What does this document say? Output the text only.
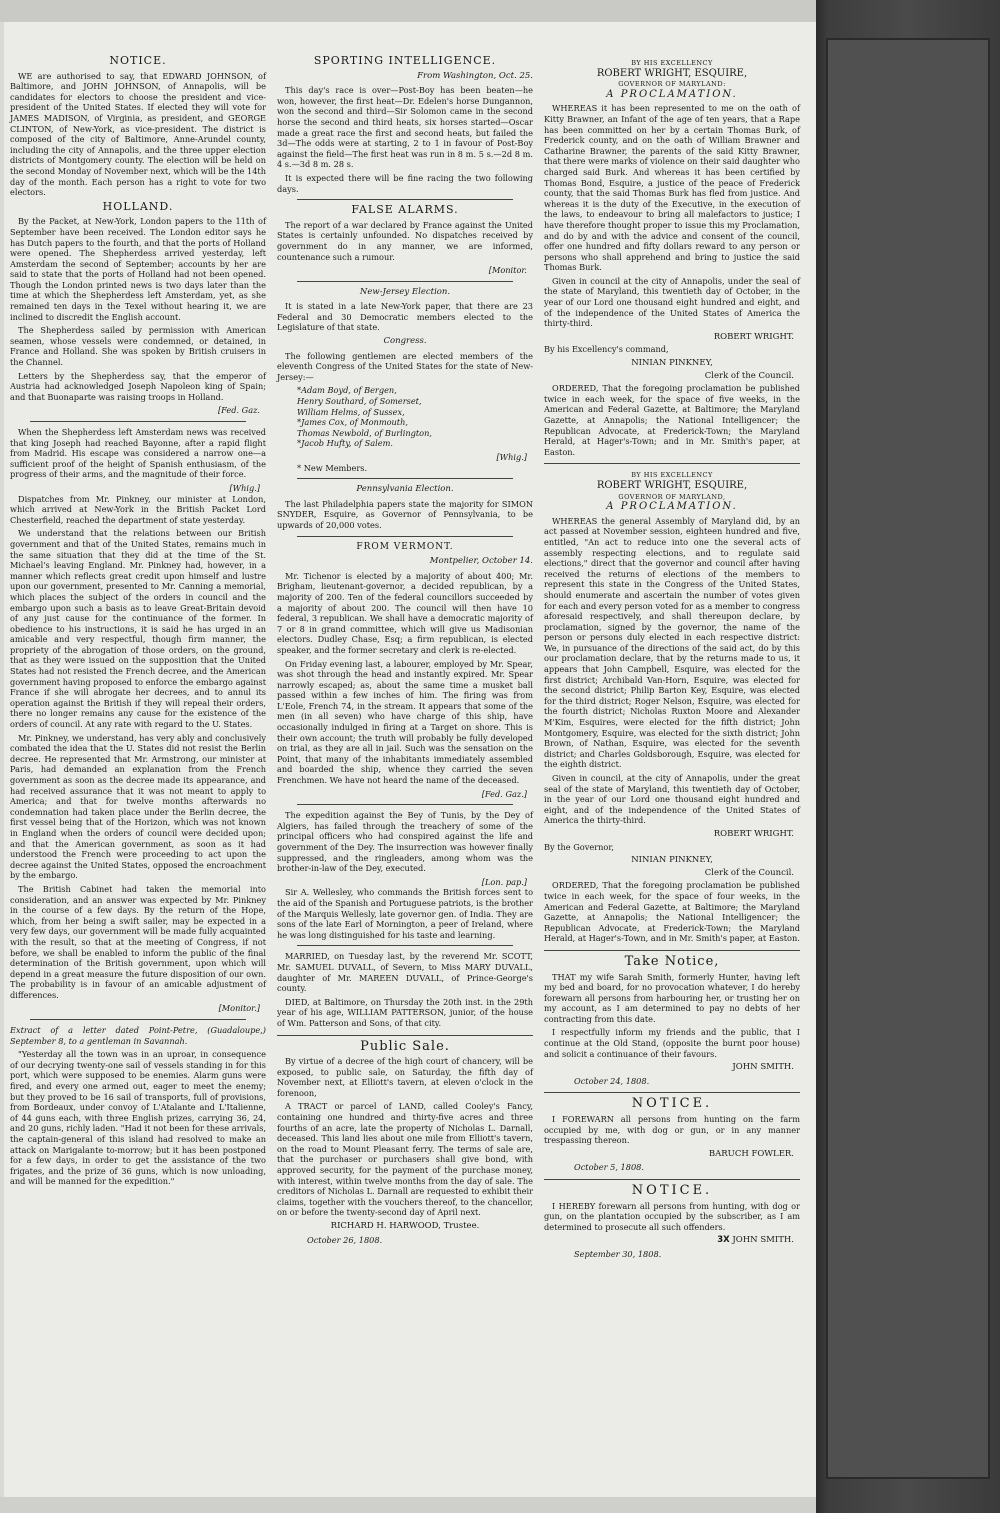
NOTICE.

WE are authorised to say, that EDWARD JOHNSON, of Baltimore, and JOHN JOHNSON, of Annapolis, will be candidates for electors to choose the president and vice-president of the United States. If elected they will vote for JAMES MADISON, of Virginia, as president, and GEORGE CLINTON, of New-York, as vice-president. The district is composed of the city of Baltimore, Anne-Arundel county, including the city of Annapolis, and the three upper election districts of Montgomery county. The election will be held on the second Monday of November next, which will be the 14th day of the month. Each person has a right to vote for two electors.

HOLLAND.

By the Packet, at New-York, London papers to the 11th of September have been received. The London editor says he has Dutch papers to the fourth, and that the ports of Holland were opened. The Shepherdess arrived yesterday, left Amsterdam the second of September; accounts by her are said to state that the ports of Holland had not been opened. Though the London printed news is two days later than the time at which the Shepherdess left Amsterdam, yet, as she remained ten days in the Texel without hearing it, we are inclined to discredit the English account.

The Shepherdess sailed by permission with American seamen, whose vessels were condemned, or detained, in France and Holland. She was spoken by British cruisers in the Channel.

Letters by the Shepherdess say, that the emperor of Austria had acknowledged Joseph Napoleon king of Spain; and that Buonaparte was raising troops in Holland.

[Fed. Gaz.

When the Shepherdess left Amsterdam news was received that king Joseph had reached Bayonne, after a rapid flight from Madrid. His escape was considered a narrow one—a sufficient proof of the height of Spanish enthusiasm, of the progress of their arms, and the magnitude of their force.

[Whig.]

Dispatches from Mr. Pinkney, our minister at London, which arrived at New-York in the British Packet Lord Chesterfield, reached the department of state yesterday.

We understand that the relations between our British government and that of the United States, remains much in the same situation that they did at the time of the St. Michael's leaving England. Mr. Pinkney had, however, in a manner which reflects great credit upon himself and lustre upon our government, presented to Mr. Canning a memorial, which places the subject of the orders in council and the embargo upon such a basis as to leave Great-Britain devoid of any just cause for the continuance of the former. In obedience to his instructions, it is said he has urged in an amicable and very respectful, though firm manner, the propriety of the abrogation of those orders, on the ground, that as they were issued on the supposition that the United States had not resisted the French decree, and the American government having proposed to enforce the embargo against France if she will abrogate her decrees, and to annul its operation against the British if they will repeal their orders, there no longer remains any cause for the existence of the orders of council. At any rate with regard to the U. States.

Mr. Pinkney, we understand, has very ably and conclusively combated the idea that the U. States did not resist the Berlin decree. He represented that Mr. Armstrong, our minister at Paris, had demanded an explanation from the French government as soon as the decree made its appearance, and had received assurance that it was not meant to apply to America; and that for twelve months afterwards no condemnation had taken place under the Berlin decree, the first vessel being that of the Horizon, which was not known in England when the orders of council were decided upon; and that the American government, as soon as it had understood the French were proceeding to act upon the decree against the United States, opposed the encroachment by the embargo.

The British Cabinet had taken the memorial into consideration, and an answer was expected by Mr. Pinkney in the course of a few days. By the return of the Hope, which, from her being a swift sailer, may be expected in a very few days, our government will be made fully acquainted with the result, so that at the meeting of Congress, if not before, we shall be enabled to inform the public of the final determination of the British government, upon which will depend in a great measure the future disposition of our own. The probability is in favour of an amicable adjustment of differences.

[Monitor.]

Extract of a letter dated Point-Petre, (Guadaloupe,) September 8, to a gentleman in Savannah.

"Yesterday all the town was in an uproar, in consequence of our decrying twenty-one sail of vessels standing in for this port, which were supposed to be enemies. Alarm guns were fired, and every one armed out, eager to meet the enemy; but they proved to be 16 sail of transports, full of provisions, from Bordeaux, under convoy of L'Atalante and L'Italienne, of 44 guns each, with three English prizes, carrying 36, 24, and 20 guns, richly laden. "Had it not been for these arrivals, the captain-general of this island had resolved to make an attack on Marigalante to-morrow; but it has been postponed for a few days, in order to get the assistance of the two frigates, and the prize of 36 guns, which is now unloading, and will be manned for the expedition."

SPORTING INTELLIGENCE.
From Washington, Oct. 25.

This day's race is over—Post-Boy has been beaten—he won, however, the first heat—Dr. Edelen's horse Dungannon, won the second and third—Sir Solomon came in the second horse the second and third heats, six horses started—Oscar made a great race the first and second heats, but failed the 3d—The odds were at starting, 2 to 1 in favour of Post-Boy against the field—The first heat was run in 8 m. 5 s.—2d 8 m. 4 s.—3d 8 m. 28 s.

It is expected there will be fine racing the two following days.

FALSE ALARMS.

The report of a war declared by France against the United States is certainly unfounded. No dispatches received by government do in any manner, we are informed, countenance such a rumour.

[Monitor.
New-Jersey Election.

It is stated in a late New-York paper, that there are 23 Federal and 30 Democratic members elected to the Legislature of that state.

Congress.

The following gentlemen are elected members of the eleventh Congress of the United States for the state of New-Jersey:—

*Adam Boyd, of Bergen,
Henry Southard, of Somerset,
William Helms, of Sussex,
*James Cox, of Monmouth,
Thomas Newbold, of Burlington,
*Jacob Hufty, of Salem.
[Whig.]

* New Members.

Pennsylvania Election.

The last Philadelphia papers state the majority for SIMON SNYDER, Esquire, as Governor of Pennsylvania, to be upwards of 20,000 votes.

FROM VERMONT.
Montpelier, October 14.

Mr. Tichenor is elected by a majority of about 400; Mr. Brigham, lieutenant-governor, a decided republican, by a majority of 200. Ten of the federal councillors succeeded by a majority of about 200. The council will then have 10 federal, 3 republican. We shall have a democratic majority of 7 or 8 in grand committee, which will give us Madisonian electors. Dudley Chase, Esq; a firm republican, is elected speaker, and the former secretary and clerk is re-elected.

On Friday evening last, a labourer, employed by Mr. Spear, was shot through the head and instantly expired. Mr. Spear narrowly escaped; as, about the same time a musket ball passed within a few inches of him. The firing was from L'Eole, French 74, in the stream. It appears that some of the men (in all seven) who have charge of this ship, have occasionally indulged in firing at a Target on shore. This is their own account; the truth will probably be fully developed on trial, as they are all in jail. Such was the sensation on the Point, that many of the inhabitants immediately assembled and boarded the ship, whence they carried the seven Frenchmen. We have not heard the name of the deceased.

[Fed. Gaz.]

The expedition against the Bey of Tunis, by the Dey of Algiers, has failed through the treachery of some of the principal officers who had conspired against the life and government of the Dey. The insurrection was however finally suppressed, and the ringleaders, among whom was the brother-in-law of the Dey, executed.

[Lon. pap.]

Sir A. Wellesley, who commands the British forces sent to the aid of the Spanish and Portuguese patriots, is the brother of the Marquis Wellesly, late governor gen. of India. They are sons of the late Earl of Mornington, a peer of Ireland, where he was long distinguished for his taste and learning.

MARRIED, on Tuesday last, by the reverend Mr. SCOTT, Mr. SAMUEL DUVALL, of Severn, to Miss MARY DUVALL, daughter of Mr. MAREEN DUVALL, of Prince-George's county.

DIED, at Baltimore, on Thursday the 20th inst. in the 29th year of his age, WILLIAM PATTERSON, junior, of the house of Wm. Patterson and Sons, of that city.

Public Sale.

By virtue of a decree of the high court of chancery, will be exposed, to public sale, on Saturday, the fifth day of November next, at Elliott's tavern, at eleven o'clock in the forenoon,

A TRACT or parcel of LAND, called Cooley's Fancy, containing one hundred and thirty-five acres and three fourths of an acre, late the property of Nicholas L. Darnall, deceased. This land lies about one mile from Elliott's tavern, on the road to Mount Pleasant ferry. The terms of sale are, that the purchaser or purchasers shall give bond, with approved security, for the payment of the purchase money, with interest, within twelve months from the day of sale. The creditors of Nicholas L. Darnall are requested to exhibit their claims, together with the vouchers thereof, to the chancellor, on or before the twenty-second day of April next.

RICHARD H. HARWOOD, Trustee.
October 26, 1808.
BY HIS EXCELLENCY
ROBERT WRIGHT, ESQUIRE,
GOVERNOR OF MARYLAND:
A PROCLAMATION.

WHEREAS it has been represented to me on the oath of Kitty Brawner, an Infant of the age of ten years, that a Rape has been committed on her by a certain Thomas Burk, of Frederick county, and on the oath of William Brawner and Catharine Brawner, the parents of the said Kitty Brawner, that there were marks of violence on their said daughter who charged said Burk. And whereas it has been certified by Thomas Bond, Esquire, a justice of the peace of Frederick county, that the said Thomas Burk has fled from justice. And whereas it is the duty of the Executive, in the execution of the laws, to endeavour to bring all malefactors to justice; I have therefore thought proper to issue this my Proclamation, and do by and with the advice and consent of the council, offer one hundred and fifty dollars reward to any person or persons who shall apprehend and bring to justice the said Thomas Burk.

Given in council at the city of Annapolis, under the seal of the state of Maryland, this twentieth day of October, in the year of our Lord one thousand eight hundred and eight, and of the independence of the United States of America the thirty-third.

ROBERT WRIGHT.

By his Excellency's command,

NINIAN PINKNEY,
Clerk of the Council.

ORDERED, That the foregoing proclamation be published twice in each week, for the space of five weeks, in the American and Federal Gazette, at Baltimore; the Maryland Gazette, at Annapolis; the National Intelligencer; the Republican Advocate, at Frederick-Town; the Maryland Herald, at Hager's-Town; and in Mr. Smith's paper, at Easton.

BY HIS EXCELLENCY
ROBERT WRIGHT, ESQUIRE,
GOVERNOR OF MARYLAND,
A PROCLAMATION.

WHEREAS the general Assembly of Maryland did, by an act passed at November session, eighteen hundred and five, entitled, "An act to reduce into one the several acts of assembly respecting elections, and to regulate said elections," direct that the governor and council after having received the returns of elections of the members to represent this state in the Congress of the United States, should enumerate and ascertain the number of votes given for each and every person voted for as a member to congress aforesaid respectively, and shall thereupon declare, by proclamation, signed by the governor, the name of the person or persons duly elected in each respective district: We, in pursuance of the directions of the said act, do by this our proclamation declare, that by the returns made to us, it appears that John Campbell, Esquire, was elected for the first district; Archibald Van-Horn, Esquire, was elected for the second district; Philip Barton Key, Esquire, was elected for the third district; Roger Nelson, Esquire, was elected for the fourth district; Nicholas Ruxton Moore and Alexander M'Kim, Esquires, were elected for the fifth district; John Montgomery, Esquire, was elected for the sixth district; John Brown, of Nathan, Esquire, was elected for the seventh district; and Charles Goldsborough, Esquire, was elected for the eighth district.

Given in council, at the city of Annapolis, under the great seal of the state of Maryland, this twentieth day of October, in the year of our Lord one thousand eight hundred and eight, and of the independence of the United States of America the thirty-third.

ROBERT WRIGHT.

By the Governor,

NINIAN PINKNEY,
Clerk of the Council.

ORDERED, That the foregoing proclamation be published twice in each week, for the space of four weeks, in the American and Federal Gazette, at Baltimore; the Maryland Gazette, at Annapolis; the National Intelligencer; the Republican Advocate, at Frederick-Town; the Maryland Herald, at Hager's-Town, and in Mr. Smith's paper, at Easton.

Take Notice,

THAT my wife Sarah Smith, formerly Hunter, having left my bed and board, for no provocation whatever, I do hereby forewarn all persons from harbouring her, or trusting her on my account, as I am determined to pay no debts of her contracting from this date.

I respectfully inform my friends and the public, that I continue at the Old Stand, (opposite the burnt poor house) and solicit a continuance of their favours.

JOHN SMITH.
October 24, 1808.
NOTICE.

I FOREWARN all persons from hunting on the farm occupied by me, with dog or gun, or in any manner trespassing thereon.

BARUCH FOWLER.
October 5, 1808.
NOTICE.

I HEREBY forewarn all persons from hunting, with dog or gun, on the plantation occupied by the subscriber, as I am determined to prosecute all such offenders.

3X JOHN SMITH.
September 30, 1808.
